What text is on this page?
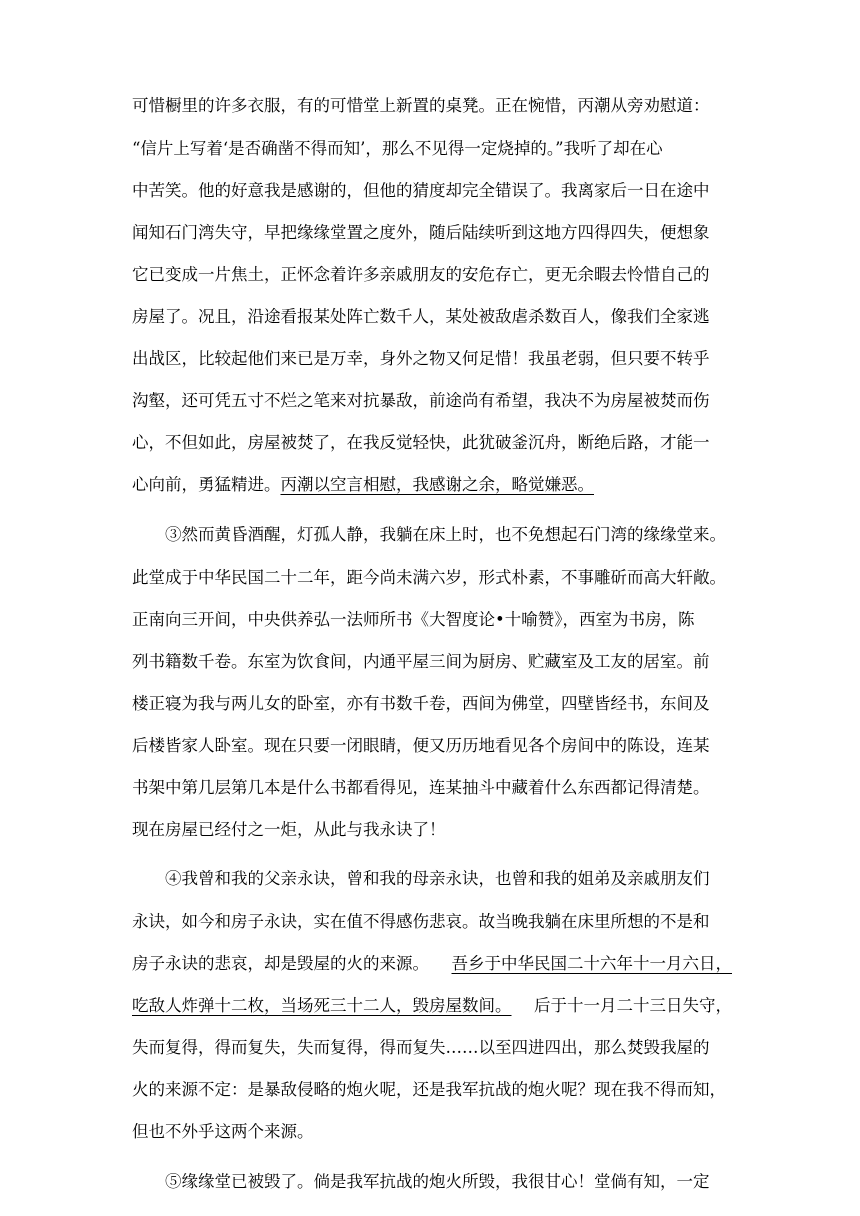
可惜橱里的许多衣服，有的可惜堂上新置的桌凳。正在惋惜，丙潮从旁劝慰道：
“信片上写着‘是否确凿不得而知’，那么不见得一定烧掉的。”我听了却在心
中苦笑。他的好意我是感谢的，但他的猜度却完全错误了。我离家后一日在途中
闻知石门湾失守，早把缘缘堂置之度外，随后陆续听到这地方四得四失，便想象
它已变成一片焦土，正怀念着许多亲戚朋友的安危存亡，更无余暇去怜惜自己的
房屋了。况且，沿途看报某处阵亡数千人，某处被敌虐杀数百人，像我们全家逃
出战区，比较起他们来已是万幸，身外之物又何足惜！我虽老弱，但只要不转乎
沟壑，还可凭五寸不烂之笔来对抗暴敌，前途尚有希望，我决不为房屋被焚而伤
心，不但如此，房屋被焚了，在我反觉轻快，此犹破釜沉舟，断绝后路，才能一
心向前，勇猛精进。 丙潮以空言相慰，我感谢之余，略觉嫌恶。
③然而黄昏酒醒，灯孤人静，我躺在床上时，也不免想起石门湾的缘缘堂来。
此堂成于中华民国二十二年，距今尚未满六岁，形式朴素，不事雕斫而高大轩敞。
正南向三开间，中央供养弘一法师所书《大智度论•十喻赞》，西室为书房，陈
列书籍数千卷。东室为饮食间，内通平屋三间为厨房、贮藏室及工友的居室。前
楼正寝为我与两儿女的卧室，亦有书数千卷，西间为佛堂，四壁皆经书，东间及
后楼皆家人卧室。现在只要一闭眼睛，便又历历地看见各个房间中的陈设，连某
书架中第几层第几本是什么书都看得见，连某抽斗中藏着什么东西都记得清楚。
现在房屋已经付之一炬，从此与我永诀了！
④我曾和我的父亲永诀，曾和我的母亲永诀，也曾和我的姐弟及亲戚朋友们
永诀，如今和房子永诀，实在值不得感伤悲哀。故当晚我躺在床里所想的不是和
房子永诀的悲哀，却是毁屋的火的来源。 吾乡于中华民国二十六年十一月六日，
吃敌人炸弹十二枚，当场死三十二人，毁房屋数间。 后于十一月二十三日失守，
失而复得，得而复失，失而复得，得而复失……以至四进四出，那么焚毁我屋的
火的来源不定：是暴敌侵略的炮火呢，还是我军抗战的炮火呢？现在我不得而知，
但也不外乎这两个来源。
⑤缘缘堂已被毁了。倘是我军抗战的炮火所毁，我很甘心！堂倘有知，一定
